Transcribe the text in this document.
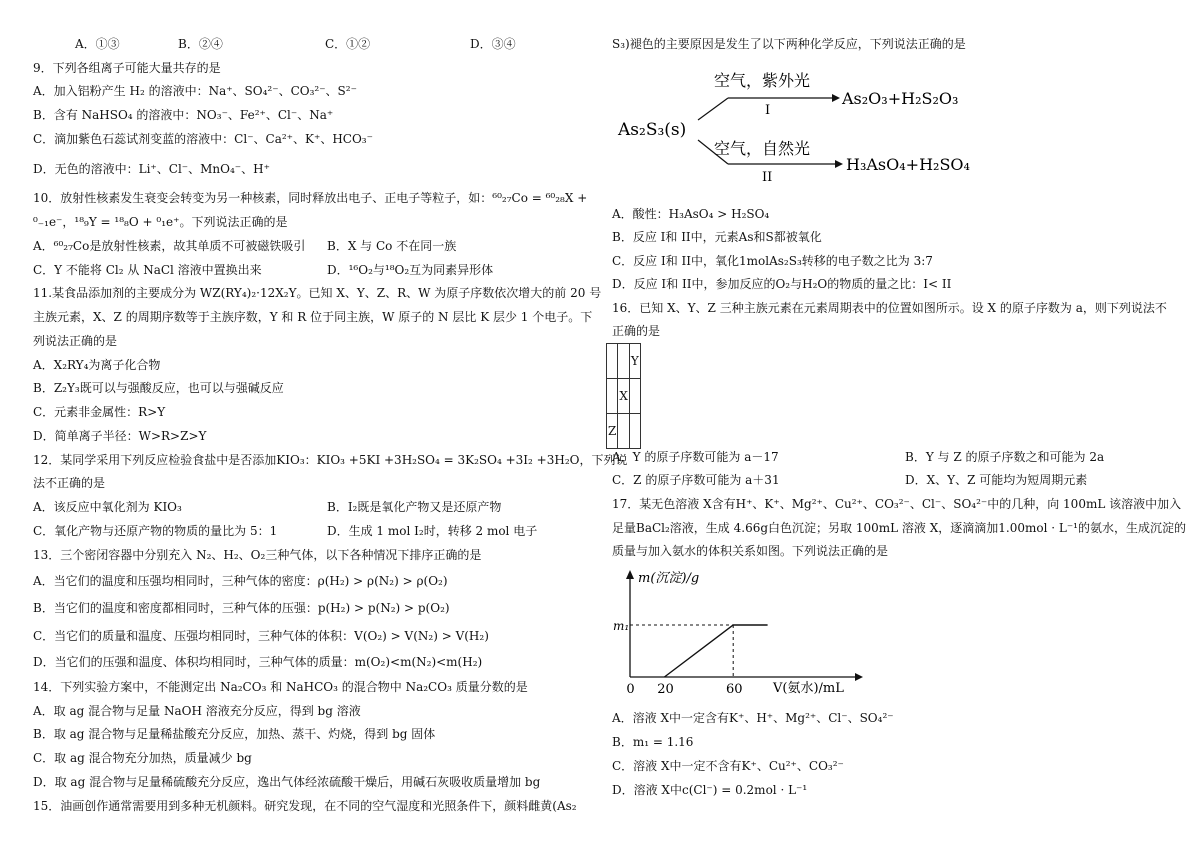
A．①③	B．②④	C．①②	D．③④
9．下列各组离子可能大量共存的是
A．加入铝粉产生 H₂ 的溶液中：Na⁺、SO₄²⁻、CO₃²⁻、S²⁻
B．含有 NaHSO₄ 的溶液中：NO₃⁻、Fe²⁺、Cl⁻、Na⁺
C．滴加紫色石蕊试剂变蓝的溶液中：Cl⁻、Ca²⁺、K⁺、HCO₃⁻
D．无色的溶液中：Li⁺、Cl⁻、MnO₄⁻、H⁺
10．放射性核素发生衰变会转变为另一种核素，同时释放出电子、正电子等粒子，如：⁶⁰₂₇Co = ⁶⁰₂₈X +
⁰₋₁e⁻，¹⁸₉Y = ¹⁸₈O + ⁰₁e⁺。下列说法正确的是
A．⁶⁰₂₇Co是放射性核素，故其单质不可被磁铁吸引 B．X 与 Co 不在同一族
C．Y 不能将 Cl₂ 从 NaCl 溶液中置换出来	D．¹⁶O₂与¹⁸O₂互为同素异形体
11.某食品添加剂的主要成分为 WZ(RY₄)₂·12X₂Y。已知 X、Y、Z、R、W 为原子序数依次增大的前 20 号
主族元素，X、Z 的周期序数等于主族序数，Y 和 R 位于同主族，W 原子的 N 层比 K 层少 1 个电子。下
列说法正确的是
A．X₂RY₄为离子化合物
B．Z₂Y₃既可以与强酸反应，也可以与强碱反应
C．元素非金属性：R>Y
D．简单离子半径：W>R>Z>Y
12．某同学采用下列反应检验食盐中是否添加KIO₃：KIO₃ +5KI +3H₂SO₄ = 3K₂SO₄ +3I₂ +3H₂O，下列说
法不正确的是
A．该反应中氧化剂为 KIO₃	B．I₂既是氧化产物又是还原产物
C．氧化产物与还原产物的物质的量比为 5：1	D．生成 1 mol I₂时，转移 2 mol 电子
13．三个密闭容器中分别充入 N₂、H₂、O₂三种气体，以下各种情况下排序正确的是
A．当它们的温度和压强均相同时，三种气体的密度：ρ(H₂) > ρ(N₂) > ρ(O₂)
B．当它们的温度和密度都相同时，三种气体的压强：p(H₂) > p(N₂) > p(O₂)
C．当它们的质量和温度、压强均相同时，三种气体的体积：V(O₂) > V(N₂) > V(H₂)
D．当它们的压强和温度、体积均相同时，三种气体的质量：m(O₂)<m(N₂)<m(H₂)
14．下列实验方案中，不能测定出 Na₂CO₃ 和 NaHCO₃ 的混合物中 Na₂CO₃ 质量分数的是
A．取 ag 混合物与足量 NaOH 溶液充分反应，得到 bg 溶液
B．取 ag 混合物与足量稀盐酸充分反应，加热、蒸干、灼烧，得到 bg 固体
C．取 ag 混合物充分加热，质量减少 bg
D．取 ag 混合物与足量稀硫酸充分反应，逸出气体经浓硫酸干燥后，用碱石灰吸收质量增加 bg
15．油画创作通常需要用到多种无机颜料。研究发现，在不同的空气湿度和光照条件下，颜料雌黄(As₂
S₃)褪色的主要原因是发生了以下两种化学反应，下列说法正确的是
As₂S₃(s)
空气，紫外光
I
As₂O₃+H₂S₂O₃
空气，自然光
II
H₃AsO₄+H₂SO₄
A．酸性：H₃AsO₄ > H₂SO₄
B．反应 I和 II中，元素As和S都被氧化
C．反应 I和 II中，氧化1molAs₂S₃转移的电子数之比为 3:7
D．反应 I和 II中，参加反应的O₂与H₂O的物质的量之比：I< II
16．已知 X、Y、Z 三种主族元素在元素周期表中的位置如图所示。设 X 的原子序数为 a，则下列说法不
正确的是
		Y
	X	
Z		
A．Y 的原子序数可能为 a－17	B．Y 与 Z 的原子序数之和可能为 2a
C．Z 的原子序数可能为 a＋31	D．X、Y、Z 可能均为短周期元素
17．某无色溶液 X含有H⁺、K⁺、Mg²⁺、Cu²⁺、CO₃²⁻、Cl⁻、SO₄²⁻中的几种，向 100mL 该溶液中加入
足量BaCl₂溶液，生成 4.66g白色沉淀；另取 100mL 溶液 X，逐滴滴加1.00mol · L⁻¹的氨水，生成沉淀的
质量与加入氨水的体积关系如图。下列说法正确的是
m(沉淀)/g
V(氨水)/mL
m₁
0 20	60
A．溶液 X中一定含有K⁺、H⁺、Mg²⁺、Cl⁻、SO₄²⁻
B．m₁ = 1.16
C．溶液 X中一定不含有K⁺、Cu²⁺、CO₃²⁻
D．溶液 X中c(Cl⁻) = 0.2mol · L⁻¹
